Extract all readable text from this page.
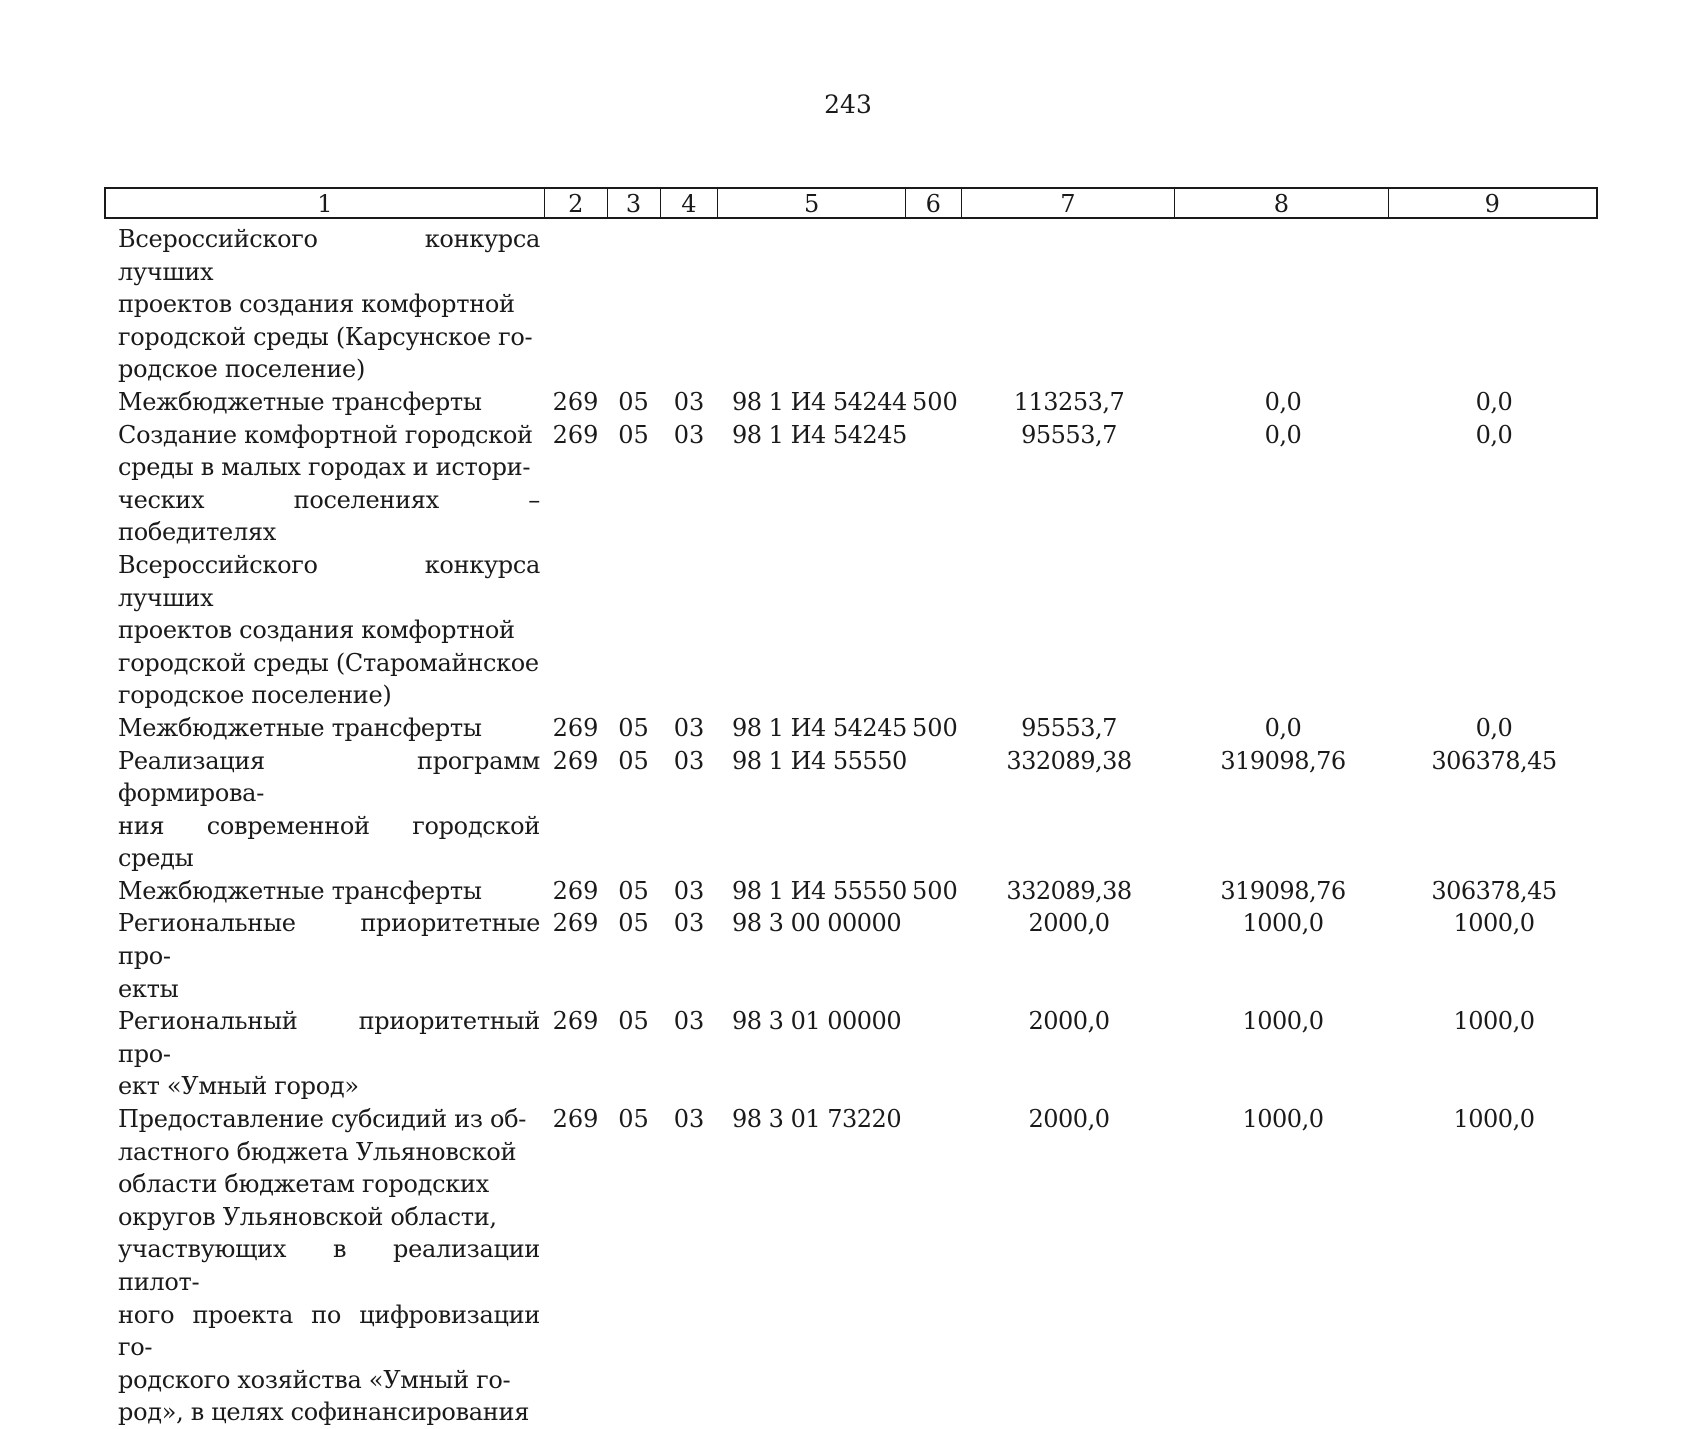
243
1	2	3	4	5	6	7	8	9
Всероссийского конкурса лучших
проектов создания комфортной
городской среды (Карсунское го-
родское поселение)
Межбюджетные трансферты	269 05	03	98 1 И4 54244 500	113253,7	0,0	0,0
Создание комфортной городской
среды в малых городах и истори-
ческих поселениях – победителях
Всероссийского конкурса лучших
проектов создания комфортной
городской среды (Старомайнское
городское поселение)
269 05	03	98 1 И4 54245	95553,7	0,0	0,0
Межбюджетные трансферты	269 05	03	98 1 И4 54245 500	95553,7	0,0	0,0
Реализация программ формирова-
ния современной городской среды
269 05	03	98 1 И4 55550	332089,38	319098,76	306378,45
Межбюджетные трансферты	269 05	03	98 1 И4 55550 500	332089,38	319098,76	306378,45
Региональные приоритетные про-
екты
269 05	03	98 3 00 00000	2000,0	1000,0	1000,0
Региональный приоритетный про-
ект «Умный город»
269 05	03	98 3 01 00000	2000,0	1000,0	1000,0
Предоставление субсидий из об-
ластного бюджета Ульяновской
области бюджетам городских
округов Ульяновской области,
участвующих в реализации пилот-
ного проекта по цифровизации го-
родского хозяйства «Умный го-
род», в целях софинансирования
269 05	03	98 3 01 73220	2000,0	1000,0	1000,0
